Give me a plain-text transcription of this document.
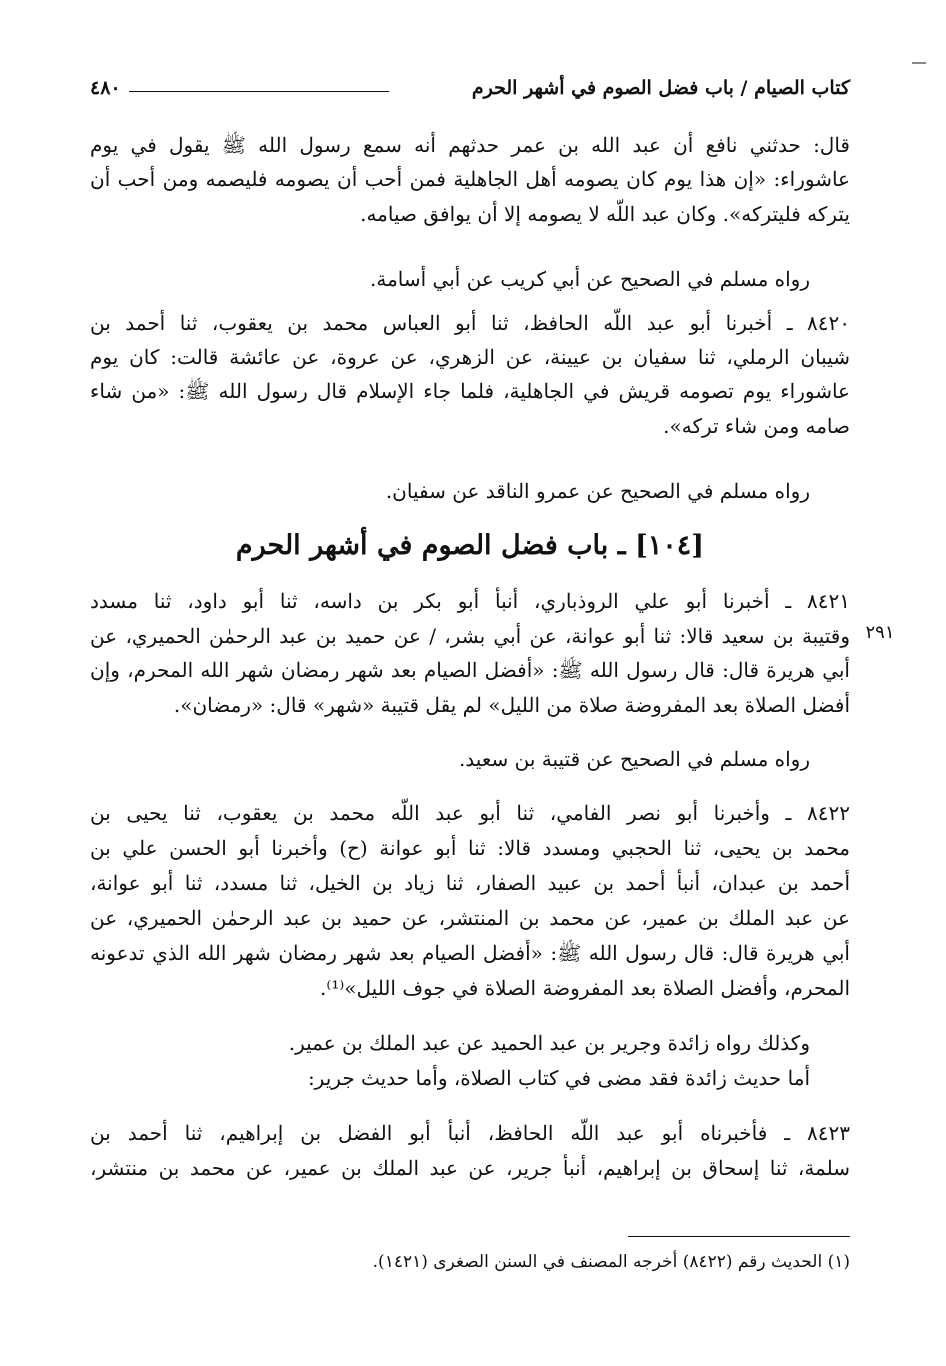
كتاب الصيام / باب فضل الصوم في أشهر الحرم
٤٨٠
قال: حدثني نافع أن عبد الله بن عمر حدثهم أنه سمع رسول الله ﷺ يقول في يوم
عاشوراء: «إن هذا يوم كان يصومه أهل الجاهلية فمن أحب أن يصومه فليصمه ومن أحب أن
يتركه فليتركه». وكان عبد اللّه لا يصومه إلا أن يوافق صيامه.
رواه مسلم في الصحيح عن أبي كريب عن أبي أسامة.
٨٤٢٠ ـ أخبرنا أبو عبد اللّه الحافظ، ثنا أبو العباس محمد بن يعقوب، ثنا أحمد بن
شيبان الرملي، ثنا سفيان بن عيينة، عن الزهري، عن عروة، عن عائشة قالت: كان يوم
عاشوراء يوم تصومه قريش في الجاهلية، فلما جاء الإسلام قال رسول الله ﷺ: «من شاء
صامه ومن شاء تركه».
رواه مسلم في الصحيح عن عمرو الناقد عن سفيان.
[١٠٤] ـ باب فضل الصوم في أشهر الحرم
٨٤٢١ ـ أخبرنا أبو علي الروذباري، أنبأ أبو بكر بن داسه، ثنا أبو داود، ثنا مسدد
٢٩١
وقتيبة بن سعيد قالا: ثنا أبو عوانة، عن أبي بشر، / عن حميد بن عبد الرحمٰن الحميري، عن
أبي هريرة قال: قال رسول الله ﷺ: «أفضل الصيام بعد شهر رمضان شهر الله المحرم، وإن
أفضل الصلاة بعد المفروضة صلاة من الليل» لم يقل قتيبة «شهر» قال: «رمضان».
رواه مسلم في الصحيح عن قتيبة بن سعيد.
٨٤٢٢ ـ وأخبرنا أبو نصر الفامي، ثنا أبو عبد اللّه محمد بن يعقوب، ثنا يحيى بن
محمد بن يحيى، ثنا الحجبي ومسدد قالا: ثنا أبو عوانة (ح) وأخبرنا أبو الحسن علي بن
أحمد بن عبدان، أنبأ أحمد بن عبيد الصفار، ثنا زياد بن الخيل، ثنا مسدد، ثنا أبو عوانة،
عن عبد الملك بن عمير، عن محمد بن المنتشر، عن حميد بن عبد الرحمٰن الحميري، عن
أبي هريرة قال: قال رسول الله ﷺ: «أفضل الصيام بعد شهر رمضان شهر الله الذي تدعونه
المحرم، وأفضل الصلاة بعد المفروضة الصلاة في جوف الليل»⁽¹⁾.
وكذلك رواه زائدة وجرير بن عبد الحميد عن عبد الملك بن عمير.
أما حديث زائدة فقد مضى في كتاب الصلاة، وأما حديث جرير:
٨٤٢٣ ـ فأخبرناه أبو عبد اللّه الحافظ، أنبأ أبو الفضل بن إبراهيم، ثنا أحمد بن
سلمة، ثنا إسحاق بن إبراهيم، أنبأ جرير، عن عبد الملك بن عمير، عن محمد بن منتشر،
(١) الحديث رقم (٨٤٢٢) أخرجه المصنف في السنن الصغرى (١٤٢١).
